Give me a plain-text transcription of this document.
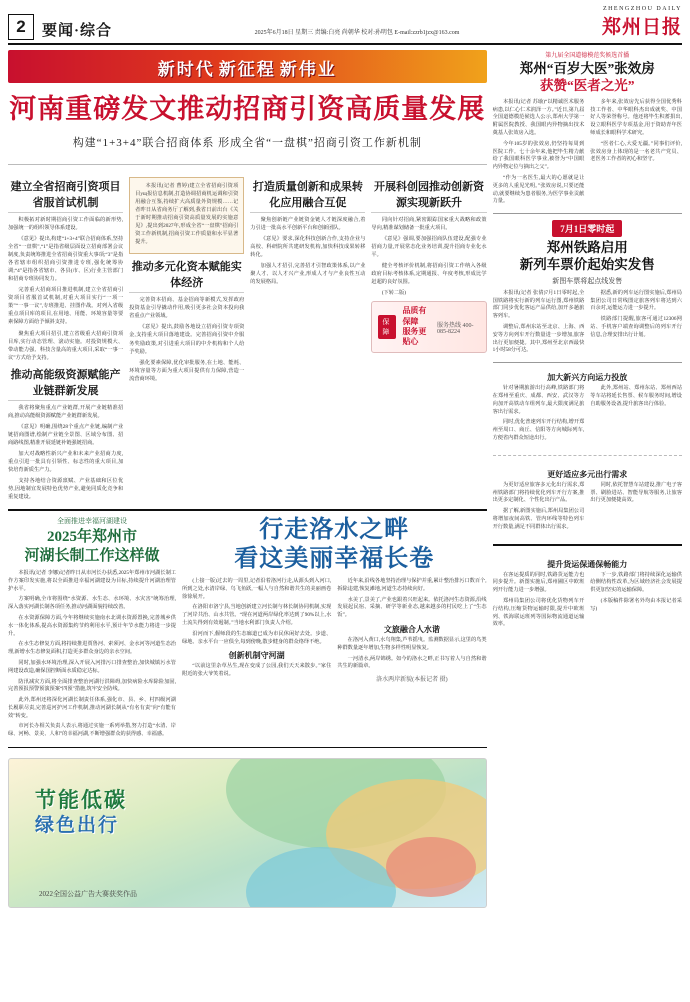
2	要闻·综合	2025年6月18日 星期三 责编:白亮 尚朝华 校对:孙明包 E-mail:zzrb1jzx@163.com
ZHENGZHOU DAILY
郑州日报
新时代 新征程 新伟业
河南重磅发文推动招商引资高质量发展
构建“1+3+4”联合招商体系 形成全省“一盘棋”招商引资工作新机制
建立全省招商引资项目省服首试机制

积极拓对新时期招商引资工作面临的新形势,加强统一的组织领导体系建设。

《意见》提出,构建“1+3+4”联合招商体系,坚持全省“一盘棋”,“1”是指省级层面设立招商部署会议制度,负责统筹推进全省招商引资重大事项;“3”是指各省辖市组织招商引资推进专班,强化统筹协调;“4”是指各省辖市、各县(市、区)行业主管部门和招商专班协同发力。

完善重大招商项目推进机制,建立全省招商引资项目省服首试机制,对重大项目实行“一项一策”“一事一议”,专班推进、挂图作战。对列入省级重点项目库的项目,在用地、用能、环境容量等要素保障方面给予倾斜支持。

聚焦重大项目招引,建立省级重大招商引资项目库,实行动态管理、滚动实施。对投资规模大、带动能力强、科技含量高的重大项目,采取“一事一议”方式给予支持。

推动高能级资源赋能产业链群新发展

我省将聚焦重点产业链群,开展产业链精准招商,推动高能级资源赋能产业链群新发展。

《意见》明确,围绕28个重点产业链,编制产业链招商图谱,绘制产业链全景图、区域分布图、招商路线图,精准开展延链补链强链招商。

加大对战略性新兴产业和未来产业招商力度,重点引进一批具有引领性、标志性的重大项目,加快培育新质生产力。

支持各地结合资源禀赋、产业基础和区位优势,因地制宜发展特色优势产业,避免同质化竞争和重复建设。

本报讯(记者 曹婷)建立全省招商引资项目ущ报信息机制,打造协调招商机运调和引资用融合互鉴,持续扩大高质量外资规模……记者昨日从省商务厅了解到,我省日前出台《关于新时期推动招商引资高质量发展的实施意见》,提出到2027年,形成全省“一盘棋”招商引资工作新机制,招商引资工作质量和水平显著提升。

推动多元化资本赋能实体经济

完善资本招商、基金招商等新模式,发挥政府投资基金引导撬动作用,吸引更多社会资本投向我省重点产业领域。

《意见》提出,鼓励各地设立招商引资专项资金,支持重大项目落地建设。完善招商引资中介服务奖励政策,对引进重大项目的中介机构和个人给予奖励。

强化要素保障,优化审批服务,在土地、能耗、环境容量等方面为重大项目提供有力保障,营造一流营商环境。

打造质量创新和成果转化应用融合互促

聚焦创新链产业链资金链人才链深度融合,着力引进一批高水平创新平台和创新团队。

《意见》要求,深化科技创新合作,支持企业与高校、科研院所共建研发机构,加快科技成果转移转化。

加强人才招引,完善招才引智政策体系,以产业聚人才、以人才兴产业,形成人才与产业良性互动的发展格局。

开展科创园推动创新资源实现新跃升

同向针对招商,紧密跟踪国家重大战略和政策导向,精准谋划储备一批重大项目。

《意见》强调,要加强招商队伍建设,配强专业招商力量,开展常态化业务培训,提升招商专业化水平。

健全考核评价机制,将招商引资工作纳入各级政府目标考核体系,定期通报、年度考核,形成比学赶超的良好氛围。

(下转二版)

保障
品质有保障
服务更贴心
服务热线 400-085-8224
全面推进幸福河湖建设
2025年郑州市
河湖长制工作这样做

本报讯(记者 李娜)记者昨日从市河长办获悉,2025年郑州市河湖长制工作方案印发实施,将以全面推进幸福河湖建设为目标,持续提升河湖治理管护水平。

方案明确,全市将围绕“水资源、水生态、水环境、水灾害”统筹治理,深入落实河湖长制各项任务,推动河湖面貌持续改善。

在水资源保障方面,今年将继续实施南水北调水资源置换,完善城乡供水一体化体系,提高水资源集约节约利用水平,预计年节水能力将进一步提升。

在水生态修复方面,将持续推进贾鲁河、索须河、金水河等河道生态治理,新增水生态修复面积,打造更多群众身边的亲水空间。

同时,加强水环境治理,深入开展入河排污口排查整治,加快城镇污水管网建设改造,确保国控断面水质稳定达标。

防汛减灾方面,将全面排查整治河湖行洪障碍,加快病险水库除险加固,完善预报预警预演预案“四预”措施,筑牢安全防线。

此外,郑州还将深化河湖长制责任体系,强化市、县、乡、村四级河湖长履职尽责,完善巡河护河工作机制,推动河湖长制从“有名有责”向“有能有效”转变。

市河长办相关负责人表示,将通过实施一系列举措,努力打造“水清、岸绿、河畅、景美、人和”的幸福河湖,不断增强群众的获得感、幸福感。

行走洛水之畔
看这美丽幸福长卷

(上接一版)过去的一周里,记者沿着洛河行走,从源头到入河口,所到之处,水清岸绿、鸟飞鱼跃,一幅人与自然和谐共生的美丽画卷徐徐展开。

在洛阳市洛宁县,当地创新建立河长制与林长制协同机制,实现了河岸共治、山水共管。“现在河道两岸绿化率达到了90%以上,水土流失得到有效遏制。”当地水利部门负责人介绍。

沿河而下,偃师段的生态廊道已成为市民休闲好去处。步道、绿地、亲水平台一应俱全,每到傍晚,散步健身的群众络绎不绝。

创新机制守河湖

“以前这里杂草丛生,现在变成了公园,我们天天来散步。”家住附近的张大爷笑着说。

近年来,沿线各地坚持治理与保护并重,累计整治排污口数百个,拆除违建,恢复滩地,河道生态持续向好。

水美了,景美了,产业也跟着兴旺起来。依托洛河生态资源,沿线发展起民宿、采摘、研学等新业态,越来越多的村民吃上了“生态饭”。

文旅融合人水谐

在洛河入黄口,水鸟翔集,芦苇摇曳。监测数据显示,这里的鸟类种群数量逐年增加,生物多样性明显恢复。

一河清水,两岸锦绣。如今的洛水之畔,正书写着人与自然和谐共生的新篇章。

洛水两岸新貌(本报记者 摄)
节能低碳
绿色出行
2022全国公益广告大赛获奖作品
第九届全国道德模范奖候选首播
郑州“百岁大医”张效房
获赞“医者之光”

本报讯(记者 苏瑜)“以精诚医术服务病患,以仁心仁术润泽一方。”近日,第九届全国道德模范候选人公示,郑州大学第一附属医院教授、我国眼内异物摘出技术奠基人张效房入选。

今年105岁的张效房,仍坚持每周到医院工作。七十余年来,他把毕生精力献给了我国眼科医学事业,被誉为“中国眼内异物定位与摘出之父”。

“作为一名医生,最大的心愿就是让更多的人重见光明。”张效房说,只要还能动,就要继续为患者服务,为医学事业贡献力量。

多年来,张效房先后获得全国优秀科技工作者、中华眼科杰出成就奖、中国好人等荣誉称号。他还将毕生积蓄捐出,设立眼科医学专项基金,用于资助青年医师成长和眼科学术研究。

“医者仁心,大爱无疆。”同事们评价,张效房身上体现的是一名老共产党员、老医务工作者的初心和坚守。

7月1日零时起
郑州铁路启用
新列车票价起始实发售
新图车票将起点线发售

本报讯(记者 张倩)7月1日零时起,全国铁路将实行新的列车运行图,郑州铁路部门同步优化客运产品供给,加开多趟旅客列车。

调整后,郑州东站至北京、上海、西安等方向列车开行数量进一步增加,旅客出行更加便捷。其中,郑州至北京西最快1小时58分可达。

据悉,新的列车运行图实施后,郑州局集团公司日常线图定旅客列车将达到六百余对,运能运力进一步提升。

铁路部门提醒,旅客可通过12306网站、手机客户端查询调整后的列车开行信息,合理安排出行计划。

加大新兴方向运力投放

针对暑期旅游出行高峰,铁路部门将在郑州至重庆、成都、西安、武汉等方向加开高铁动车组列车,最大限度满足旅客出行需求。

同时,优化普速列车开行结构,增开郑州至周口、商丘、信阳等方向城际列车,方便省内群众短途出行。

此外,郑州站、郑州东站、郑州西站等车站将延长售票、候车服务时间,增设自助服务设备,提升旅客出行体验。

更好适应多元出行需求

为更好适应旅客多元化出行需求,郑州铁路部门将持续优化列车开行方案,推出更多定制化、个性化出行产品。

据了解,新图实施后,郑州局集团公司将增加夜间高铁、管内环线等特色列车开行数量,满足不同群体出行需求。

同时,依托智慧车站建设,推广电子客票、刷脸进站、智能导航等服务,让旅客出行更加便捷高效。

提升货运保通保畅能力

在客运提质的同时,铁路货运能力也同步提升。新图实施后,郑州圃区中欧班列开行能力进一步增强。

郑州局集团公司将优化货物列车开行结构,压缩货物运输时限,提升中欧班列、铁海联运班列等国际物流通道运输效率。

下一步,铁路部门将持续深化运输供给侧结构性改革,为区域经济社会发展提供更加坚实的运输保障。

(本版稿件除署名外均由本报记者采写)
